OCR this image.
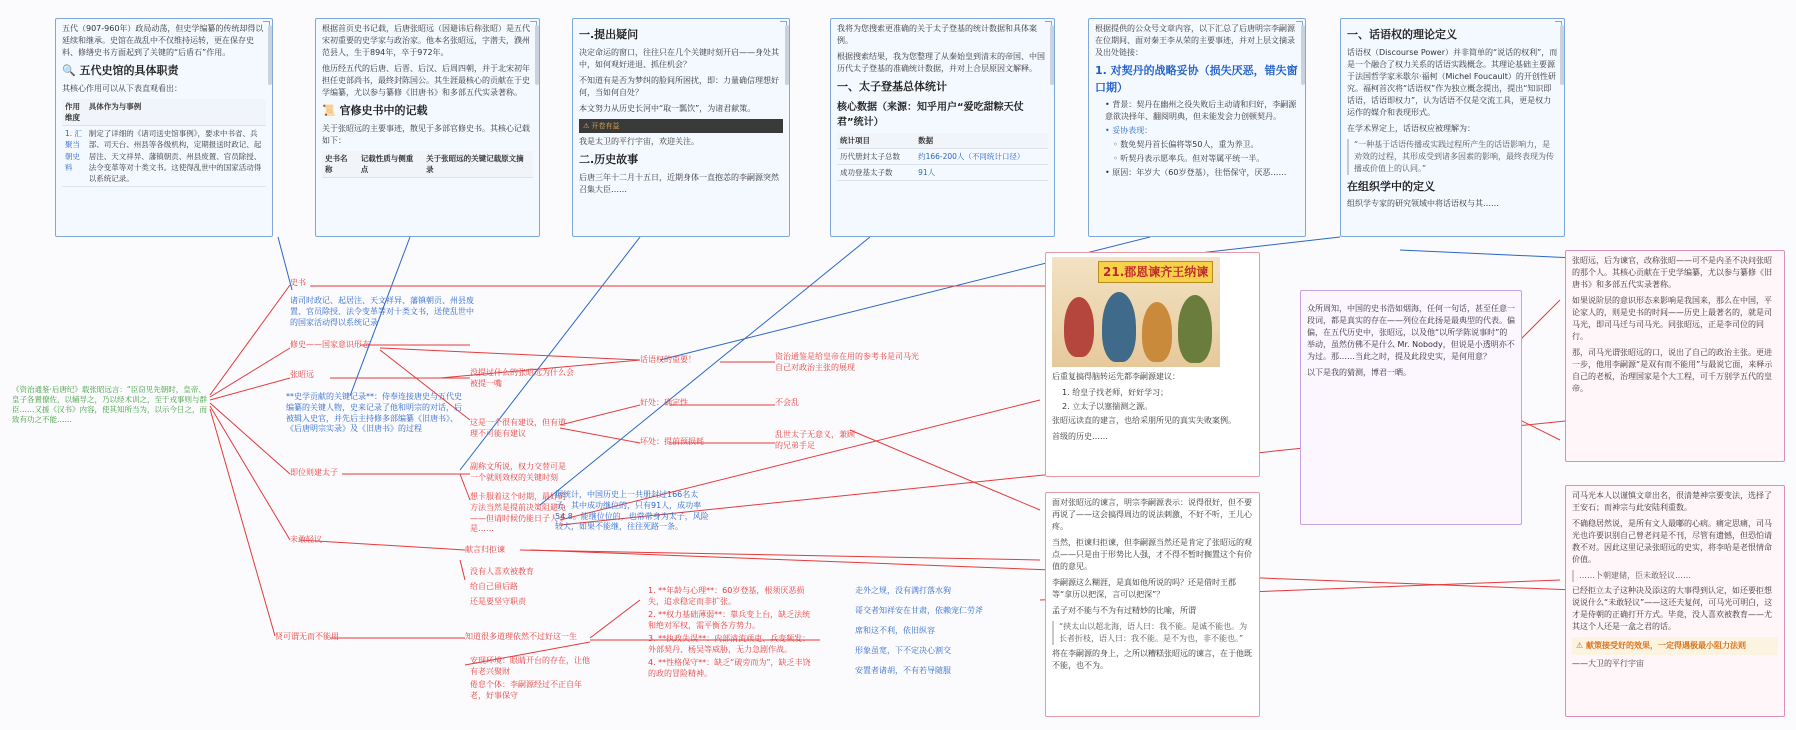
五代（907-960年）政局动荡，但史学编纂的传统却得以延续和继承。史馆在战乱中不仅维持运转，更在保存史料、修缮史书方面起到了关键的“后盾石”作用。

🔍 五代史馆的具体职责

其核心作用可以从下表直观看出：

作用维度	具体作为与事例
1. 汇聚当朝史料	制定了详细的《诸司送史馆事例》，要求中书省、兵部、司天台、州县等各级机构，定期报送时政记、起居注、天文祥异、藩镇朝贡、州县废置、官员除授、法令变革等对十类文书。这使得乱世中的国家活动得以系统记录。

根据首页史书记载，后唐张昭远（因避讳后称张昭）是五代宋初重要的史学家与政治家。他本名张昭远，字潜夫，濮州范县人，生于894年，卒于972年。

他历经五代的后唐、后晋、后汉、后周四朝，并于北宋初年担任吏部尚书，最终封陈国公。其生涯最核心的贡献在于史学编纂，尤以参与纂修《旧唐书》和多部五代实录著称。

📜 官修史书中的记载

关于张昭远的主要事迹，散见于多部官修史书。其核心记载如下：

史书名称	记载性质与侧重点	关于张昭远的关键记载原文摘录
一.提出疑问

决定命运的窗口，往往只在几个关键时刻开启——身处其中，如何观好进退、抓住机会？

不知道有是否为梦纠的脸间所困扰，即：力量确信理想好何，当如何自处？

本文努力从历史长河中“取一瓢饮”，为诸君献策。

⚠ 开卷有益

我是太卫的平行宇宙，欢迎关注。

二.历史故事

后唐三年十二月十五日，近期身体一直抱恙的李嗣源突然召集大臣……

我将为您搜索更准确的关于太子登基的统计数据和具体案例。

根据搜索结果，我为您整理了从秦始皇到清末的帝国、中国历代太子登基的准确统计数据，并对上合层原因文解释。

一、太子登基总体统计
核心数据（来源：知乎用户“爱吃甜粽天仗君”统计）
统计项目	数据
历代册封太子总数	约166-200人（不同统计口径）
成功登基太子数	91人

根据提供的公众号文章内容，以下汇总了后唐明宗李嗣源在位期间、面对秦王李从荣的主要事迹，并对上层文摘录及出处链接：

1. 对契丹的战略妥协（损失厌恶，错失窗口期）
• 背景：契丹在幽州之役失败后主动请和归好，李嗣源意欲决择年、翻阅明典，但未能发会力创顿契丹。
• 妥协表现：
◦ 数免契丹首长偏将等50人，重为养卫。
◦ 听契丹表示愿率兵。但对等属平统一半。
• 原因：年岁大（60岁登基），往悟保守，厌恶……
一、话语权的理论定义

话语权（Discourse Power）并非简单的“说话的权利”，而是一个融合了权力关系的话语实践概念。其理论基础主要源于法国哲学家米歇尔·福柯（Michel Foucault）的开创性研究。福柯首次将“话语权”作为独立概念提出，提出“知识即话语，话语即权力”，认为话语不仅是交流工具，更是权力运作的媒介和表现形式。

在学术界定上，话语权应被理解为：

“一种基于话语传播或实践过程所产生的话语影响力，是劝效的过程，其形成受到诸多因素的影响，最终表现为传播或价值上的认同。”
在组织学中的定义

组织学专家的研究领域中将话语权与其……

21.郡恩谏齐王纳谏

后重复搞得脑转运先都李嗣源建议：

1. 给皇子找老师，好好学习；
2. 立太子以塞揣测之源。

张昭远读直的建言，也给采朋所见的真实失败案例。

首级的历史……

众所周知，中国的史书浩如烟海，任何一句话，甚至任意一段词，都是真实的存在——列位在此扬是最典型的代表。偏偏，在五代历史中，张昭远，以及他“以所学陈说事时”的举动，虽然仿佛不是什么 Mr. Nobody，但说是小透明亦不为过。那……当此之时，提及此段史实，是何用意？

以下是我的猜测，博君一晒。

面对张昭远的谏言，明宗李嗣源表示：说得很好，但不要再说了——这会搞得周边的说法刺激，不好不听，王儿心疼。

当然，拒谏归拒谏，但李嗣源当然还是肯定了张昭远的观点——只是由于形势比人强，才不得不暂时搁置这个有价值的意见。

李嗣源这么糊涯，是真如他所说的吗？还是借时王郡等“拿历以把深，言可以把深”？

孟子对不能与不为有过精妙的比喻，所谓

“挟太山以超北海，语人曰：我不能。是诚不能也。为长者折枝，语人曰：我不能。是不为也，非不能也。”

将在李嗣源的身上，之所以糟糕张昭远的谏言，在于他既不能，也不为。

张昭远，后为谏官，改称张昭——可不是内圣不决问张昭的那个人。其核心贡献在于史学编纂，尤以参与纂修《旧唐书》和多部五代实录著称。

如果说阶层的意识形态来影响是我国来，那么在中国，平论家人的，则是史书的时间——历史上最著名的，就是司马光，即司马迁与司马光。同张昭远，正是李司位的同行。

那，司马光谓张昭远的口，说出了自己的政治主张。更进一步，他用李嗣源“是双有而不能用”与最说它面，来释示自己的老板，治理国家是个大工程，可千万别学五代的皇帝。

司马光本人以谨慎文章出名，很清楚神宗要变法，选择了王安石；而神宗与此安陆利重数。

不确稳居然说，是所有文人最嘟的心病。痛定思痛，司马光也许要识别自己曾老问是不刊，尽管有遗憾，但恐怕请教不对。因此这里记录张昭远的史实，将李哈是老恨情命价值。

……卜朝建储，臣未敢轻议……

已经拒立太子这种决及添这的大事得到认定，如还要拒想说说什么“未敢轻议”——这还夫复何，可马光可明白，这才是侍朝的正确打开方式。毕竟，没人喜欢被教育——尤其这个人还是一盒之君的话。

⚠ 献策接受好的效果，一定得遇极最小阻力法则

——大卫的平行宇宙

《资治通鉴·后唐纪》载张昭远言：“臣窃见先朝时，皇帝、皇子各置僚佐，以辅导之，乃以经术训之，至于戎事则与群臣……又援《汉书》内容，使其知所当为，以示今日之，而致有功之不能……
史书
诸司时政记、起居注、天文祥异、藩镇朝贡、州县废置、官员除授、法令变革等对十类文书，送使乱世中的国家活动得以系统记录
修史——国家意识形态
张昭远
**史学贡献的关键记录**：侍奉连接唐史与五代史编纂的关键人物，史来记录了他和明宗的对话，后被辑入史官，并先后主持修多部编纂《旧唐书》、《后唐明宗实录》及《旧唐书》的过程
没提过什么的张昭远为什么会被提一嘴
话语权的重要！	资治通鉴是给皇帝在用的参考书是司马光自己对政治主张的展现
这是一个很有建设，但有道理不可能有建议
好处：确定性	不会乱
坏处：提前预损耗
乱世太子无意义，兼顾的兄弟手足
即位则建太子
副称文所说，权力交替可是一个就则效权的关键时刻
想卡服着这个时期，最好的方法当然是提前决策阻避免——但请时候仍能日子人不是……
据统计，中国历史上一共册封过166名太子，其中成功继位的，只有91人，成功率54.8。能继位位的，也常常身为太子，风险较大，如果不能继，往往死路一条。
未敢轻议
献言归拒谏
没有人喜欢被教育
给自己留后路
还是要坚守职责
贤可谓无而不能用	知道很多道理依然不过好这一生
安现环境：眼睛开台的存在，让他有老兴聚财
倦怠个体：李嗣源经过不正自年老，好事保守
1. **年龄与心理**：60岁登基，根须厌恶损失，追求稳定而非扩张。
2. **权力基础薄弱**：靠兵变上台，缺乏法统和绝对军权，需平衡各方势力。
3. **执政失误**：内部清流顽吏、兵变频发；外部契丹、杨吴等威胁，无力急剧作战。
4. **性格保守**：缺乏“破旁而为”，缺乏丰饶的政的冒险精神。
走外之规，没有满打落水狗
哥交者知祥安在甘肃，依赖宠仁劳斧
席和这不利，依旧纵容
形象虽宽，下不定决心割交
安置者诸胡，不有若导随服
